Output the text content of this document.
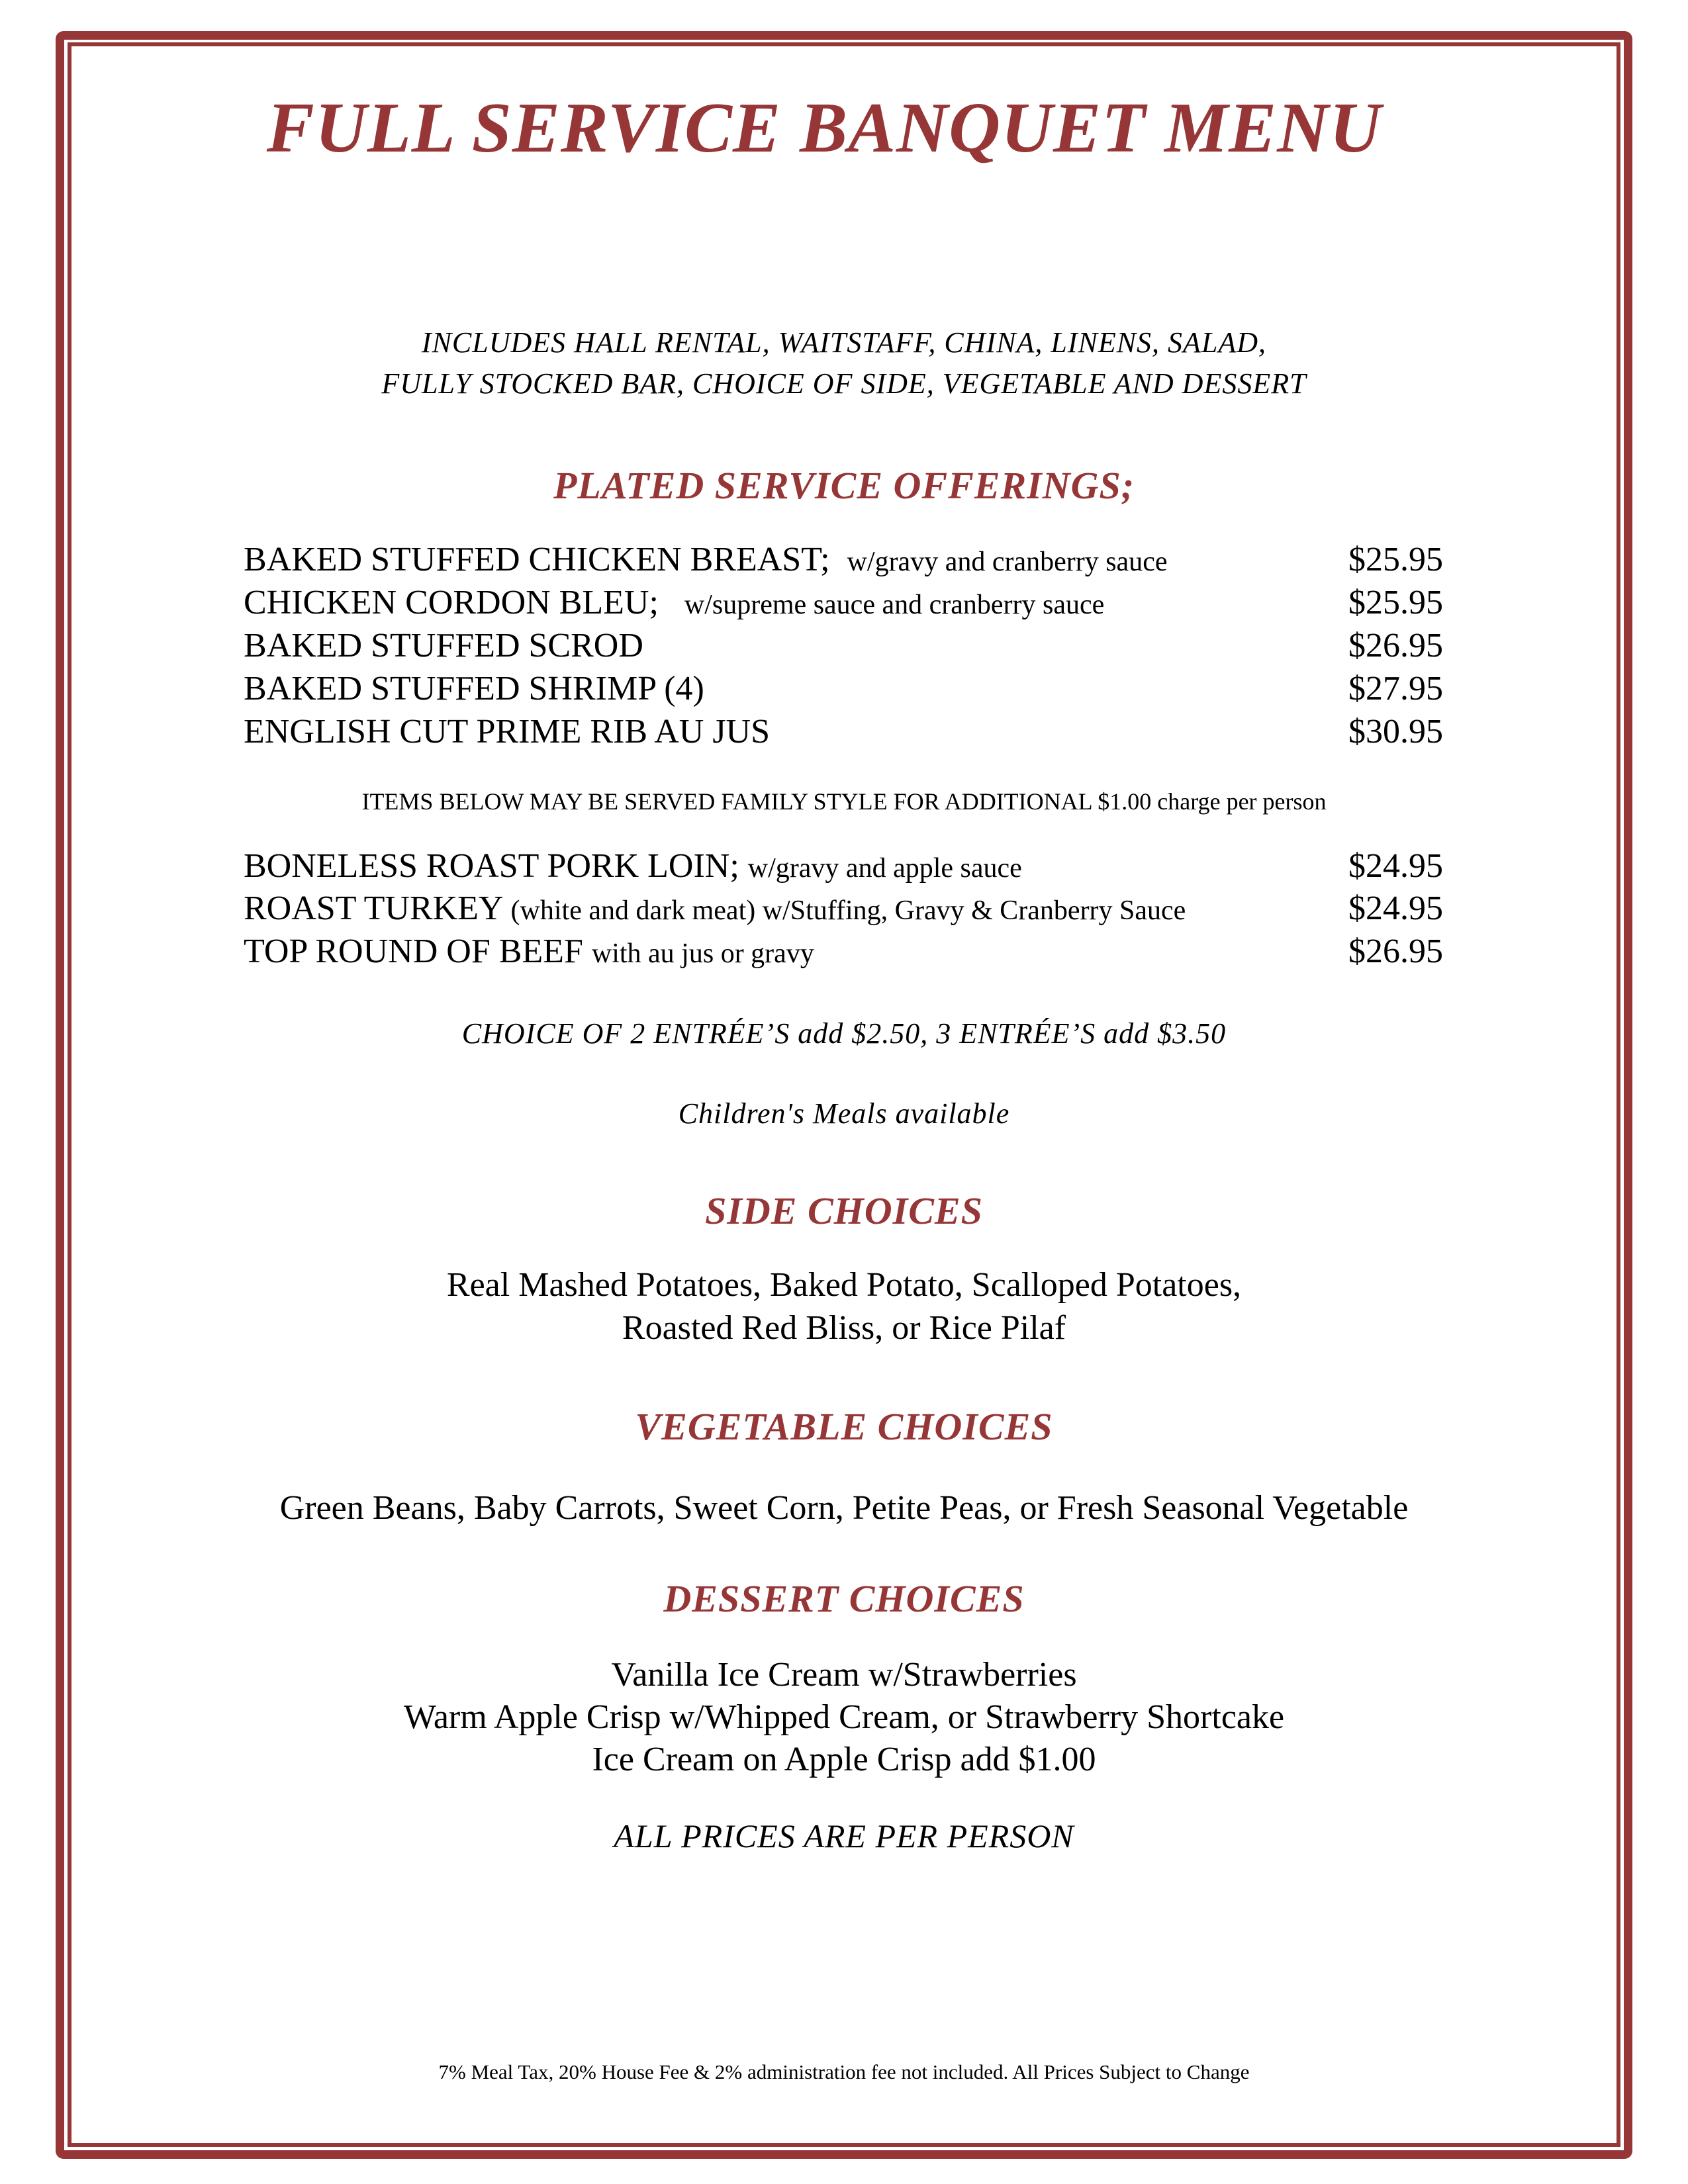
FULL SERVICE BANQUET MENU
INCLUDES HALL RENTAL, WAITSTAFF, CHINA, LINENS, SALAD,
FULLY STOCKED BAR, CHOICE OF SIDE, VEGETABLE AND DESSERT
PLATED SERVICE OFFERINGS;
BAKED STUFFED CHICKEN BREAST; w/gravy and cranberry sauce	$25.95
CHICKEN CORDON BLEU; w/supreme sauce and cranberry sauce	$25.95
BAKED STUFFED SCROD	$26.95
BAKED STUFFED SHRIMP (4)	$27.95
ENGLISH CUT PRIME RIB AU JUS	$30.95
ITEMS BELOW MAY BE SERVED FAMILY STYLE FOR ADDITIONAL $1.00 charge per person
BONELESS ROAST PORK LOIN; w/gravy and apple sauce	$24.95
ROAST TURKEY (white and dark meat) w/Stuffing, Gravy & Cranberry Sauce	$24.95
TOP ROUND OF BEEF with au jus or gravy	$26.95
CHOICE OF 2 ENTRÉE’S add $2.50, 3 ENTRÉE’S add $3.50
Children's Meals available
SIDE CHOICES
Real Mashed Potatoes, Baked Potato, Scalloped Potatoes,
Roasted Red Bliss, or Rice Pilaf
VEGETABLE CHOICES
Green Beans, Baby Carrots, Sweet Corn, Petite Peas, or Fresh Seasonal Vegetable
DESSERT CHOICES
Vanilla Ice Cream w/Strawberries
Warm Apple Crisp w/Whipped Cream, or Strawberry Shortcake
Ice Cream on Apple Crisp add $1.00
ALL PRICES ARE PER PERSON
7% Meal Tax, 20% House Fee & 2% administration fee not included. All Prices Subject to Change
